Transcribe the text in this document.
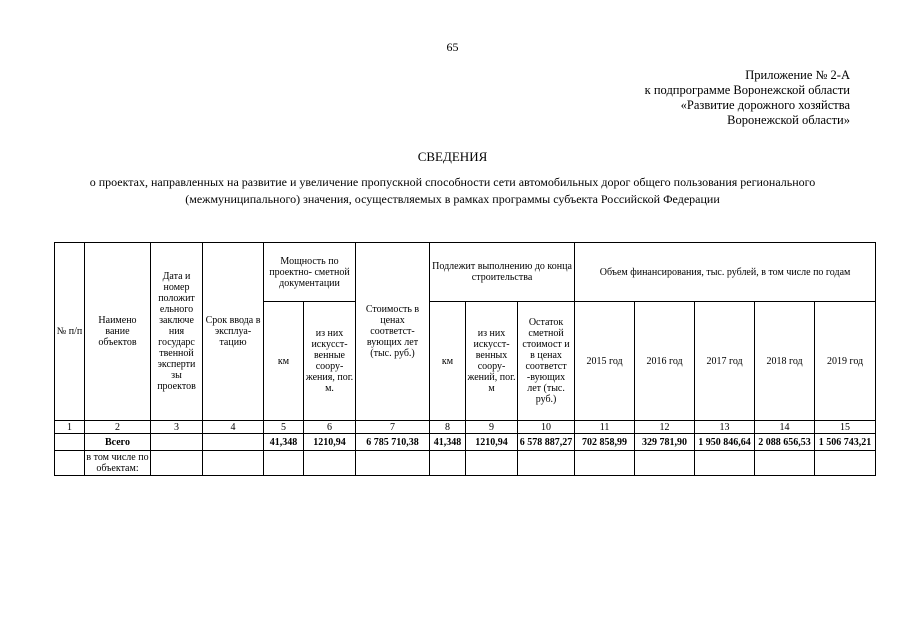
65
Приложение № 2-А
к подпрограмме Воронежской области
«Развитие дорожного хозяйства
Воронежской области»
СВЕДЕНИЯ
о проектах, направленных на развитие и увеличение пропускной способности сети автомобильных дорог общего пользования регионального
(межмуниципального) значения, осуществляемых в рамках программы субъекта Российской Федерации
№ п/п	Наимено вание объектов	Дата и номер положит ельного заключе ния государс твенной эксперти зы проектов	Срок ввода в эксплуа- тацию	Мощность по проектно- сметной документации		Стоимость в ценах соответст- вующих лет (тыс. руб.)	Подлежит выполнению до конца строительства			Объем финансирования, тыс. рублей, в том числе по годам				
				км	из них искусст- венные соору- жения, пог. м.		км	из них искусст- венных соору- жений, пог. м	Остаток сметной стоимост и в ценах соответст -вующих лет (тыс. руб.)	2015 год	2016 год	2017 год	2018 год	2019 год
1	2	3	4	5	6	7	8	9	10	11	12	13	14	15
	Всего			41,348	1210,94	6 785 710,38	41,348	1210,94	6 578 887,27	702 858,99	329 781,90	1 950 846,64	2 088 656,53	1 506 743,21
	в том числе по объектам:													
